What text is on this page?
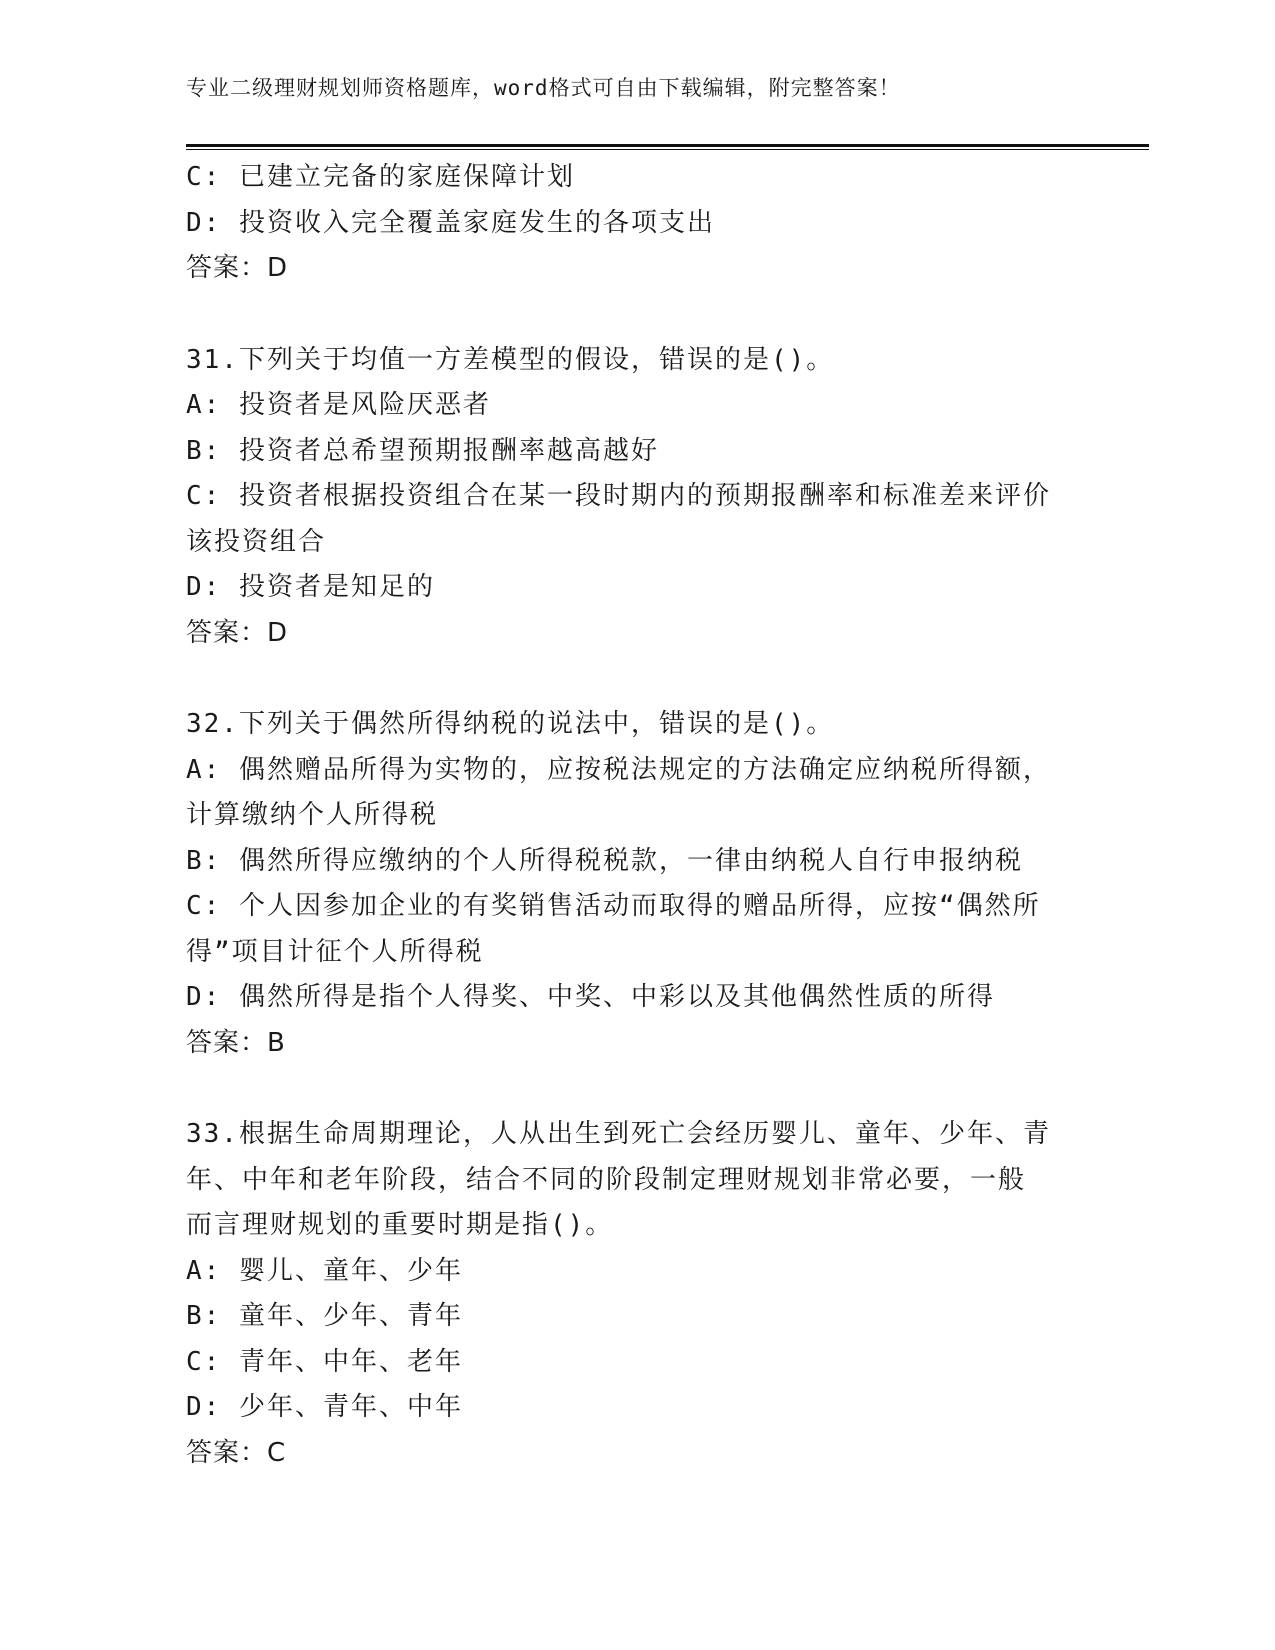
专业二级理财规划师资格题库，word格式可自由下载编辑，附完整答案！
C: 已建立完备的家庭保障计划
D: 投资收入完全覆盖家庭发生的各项支出
答案：D
31.下列关于均值一方差模型的假设，错误的是()。
A: 投资者是风险厌恶者
B: 投资者总希望预期报酬率越高越好
C: 投资者根据投资组合在某一段时期内的预期报酬率和标准差来评价
该投资组合
D: 投资者是知足的
答案：D
32.下列关于偶然所得纳税的说法中，错误的是()。
A: 偶然赠品所得为实物的，应按税法规定的方法确定应纳税所得额，
计算缴纳个人所得税
B: 偶然所得应缴纳的个人所得税税款，一律由纳税人自行申报纳税
C: 个人因参加企业的有奖销售活动而取得的赠品所得，应按“偶然所
得”项目计征个人所得税
D: 偶然所得是指个人得奖、中奖、中彩以及其他偶然性质的所得
答案：B
33.根据生命周期理论，人从出生到死亡会经历婴儿、童年、少年、青
年、中年和老年阶段，结合不同的阶段制定理财规划非常必要，一般
而言理财规划的重要时期是指()。
A: 婴儿、童年、少年
B: 童年、少年、青年
C: 青年、中年、老年
D: 少年、青年、中年
答案：C
